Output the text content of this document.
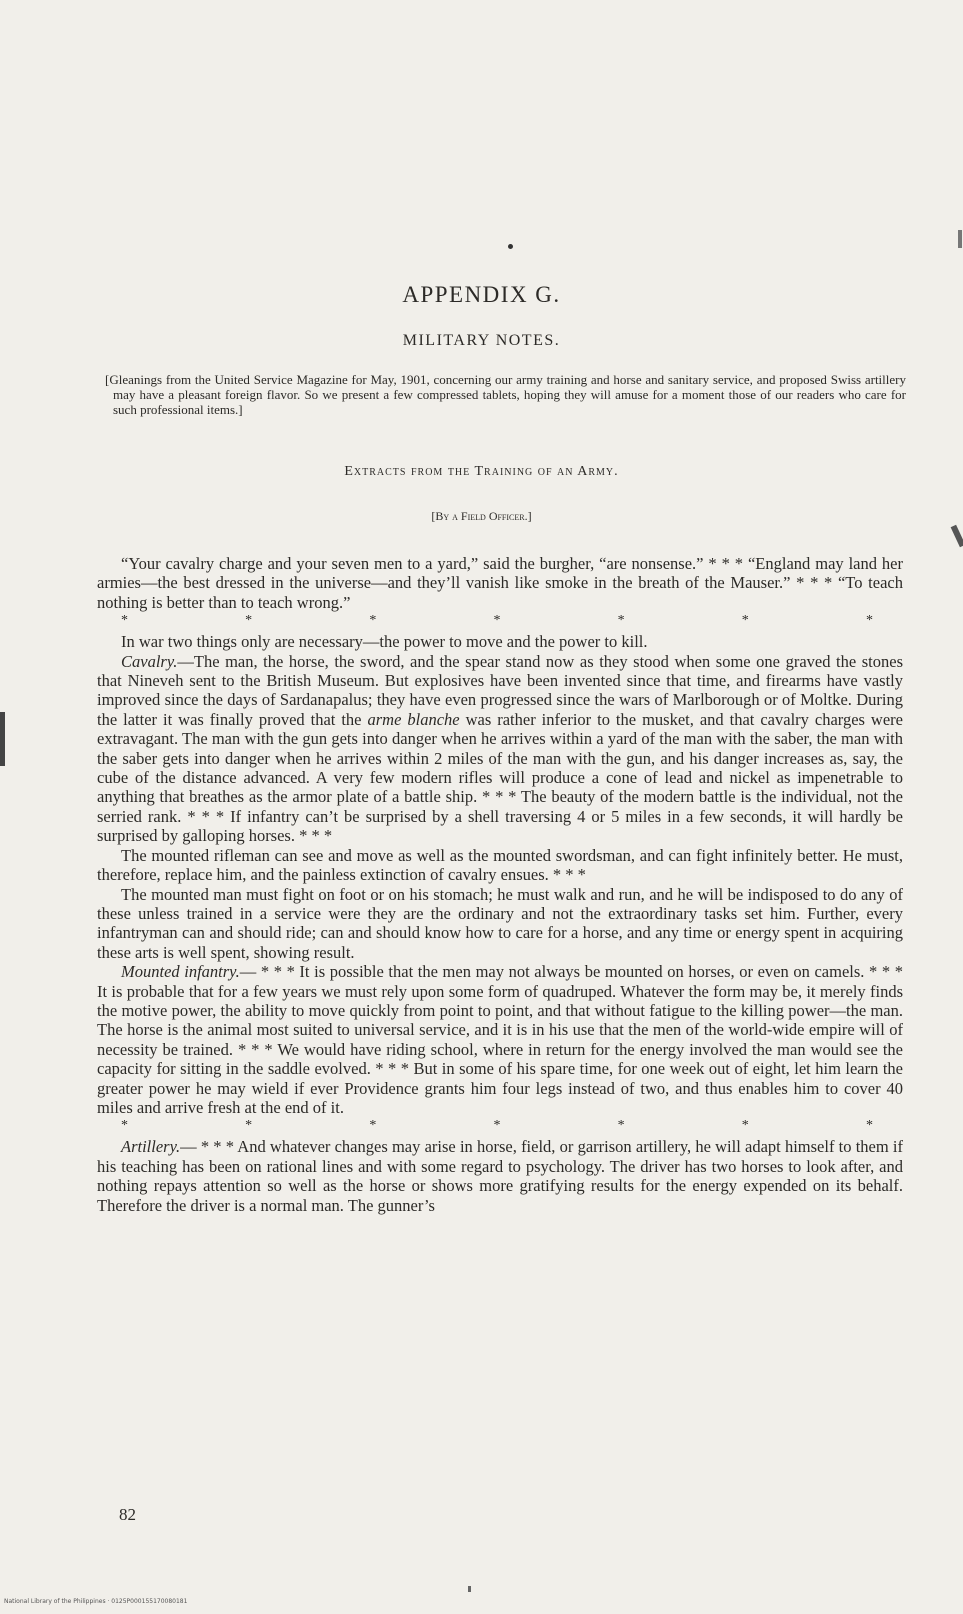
APPENDIX G.
MILITARY NOTES.
[Gleanings from the United Service Magazine for May, 1901, concerning our army training and horse and sanitary service, and proposed Swiss artillery may have a pleasant foreign flavor. So we present a few compressed tablets, hoping they will amuse for a moment those of our readers who care for such professional items.]
Extracts from the Training of an Army.
[By a Field Officer.]

“Your cavalry charge and your seven men to a yard,” said the burgher, “are nonsense.” * * * “England may land her armies—the best dressed in the universe—and they’ll vanish like smoke in the breath of the Mauser.” * * * “To teach nothing is better than to teach wrong.”

*	*	*	*	*	*	*

In war two things only are necessary—the power to move and the power to kill.

Cavalry.—The man, the horse, the sword, and the spear stand now as they stood when some one graved the stones that Nineveh sent to the British Museum. But explosives have been invented since that time, and firearms have vastly improved since the days of Sardanapalus; they have even progressed since the wars of Marlborough or of Moltke. During the latter it was finally proved that the arme blanche was rather inferior to the musket, and that cavalry charges were extravagant. The man with the gun gets into danger when he arrives within a yard of the man with the saber, the man with the saber gets into danger when he arrives within 2 miles of the man with the gun, and his danger increases as, say, the cube of the distance advanced. A very few modern rifles will produce a cone of lead and nickel as impenetrable to anything that breathes as the armor plate of a battle ship. * * * The beauty of the modern battle is the individual, not the serried rank. * * * If infantry can’t be surprised by a shell traversing 4 or 5 miles in a few seconds, it will hardly be surprised by galloping horses. * * *

The mounted rifleman can see and move as well as the mounted swordsman, and can fight infinitely better. He must, therefore, replace him, and the painless extinction of cavalry ensues. * * *

The mounted man must fight on foot or on his stomach; he must walk and run, and he will be indisposed to do any of these unless trained in a service were they are the ordinary and not the extraordinary tasks set him. Further, every infantryman can and should ride; can and should know how to care for a horse, and any time or energy spent in acquiring these arts is well spent, showing result.

Mounted infantry.— * * * It is possible that the men may not always be mounted on horses, or even on camels. * * * It is probable that for a few years we must rely upon some form of quadruped. Whatever the form may be, it merely finds the motive power, the ability to move quickly from point to point, and that without fatigue to the killing power—the man. The horse is the animal most suited to universal service, and it is in his use that the men of the world-wide empire will of necessity be trained. * * * We would have riding school, where in return for the energy involved the man would see the capacity for sitting in the saddle evolved. * * * But in some of his spare time, for one week out of eight, let him learn the greater power he may wield if ever Providence grants him four legs instead of two, and thus enables him to cover 40 miles and arrive fresh at the end of it.

*	*	*	*	*	*	*

Artillery.— * * * And whatever changes may arise in horse, field, or garrison artillery, he will adapt himself to them if his teaching has been on rational lines and with some regard to psychology. The driver has two horses to look after, and nothing repays attention so well as the horse or shows more gratifying results for the energy expended on its behalf. Therefore the driver is a normal man. The gunner’s

82
National Library of the Philippines · 0125P000155170080181
